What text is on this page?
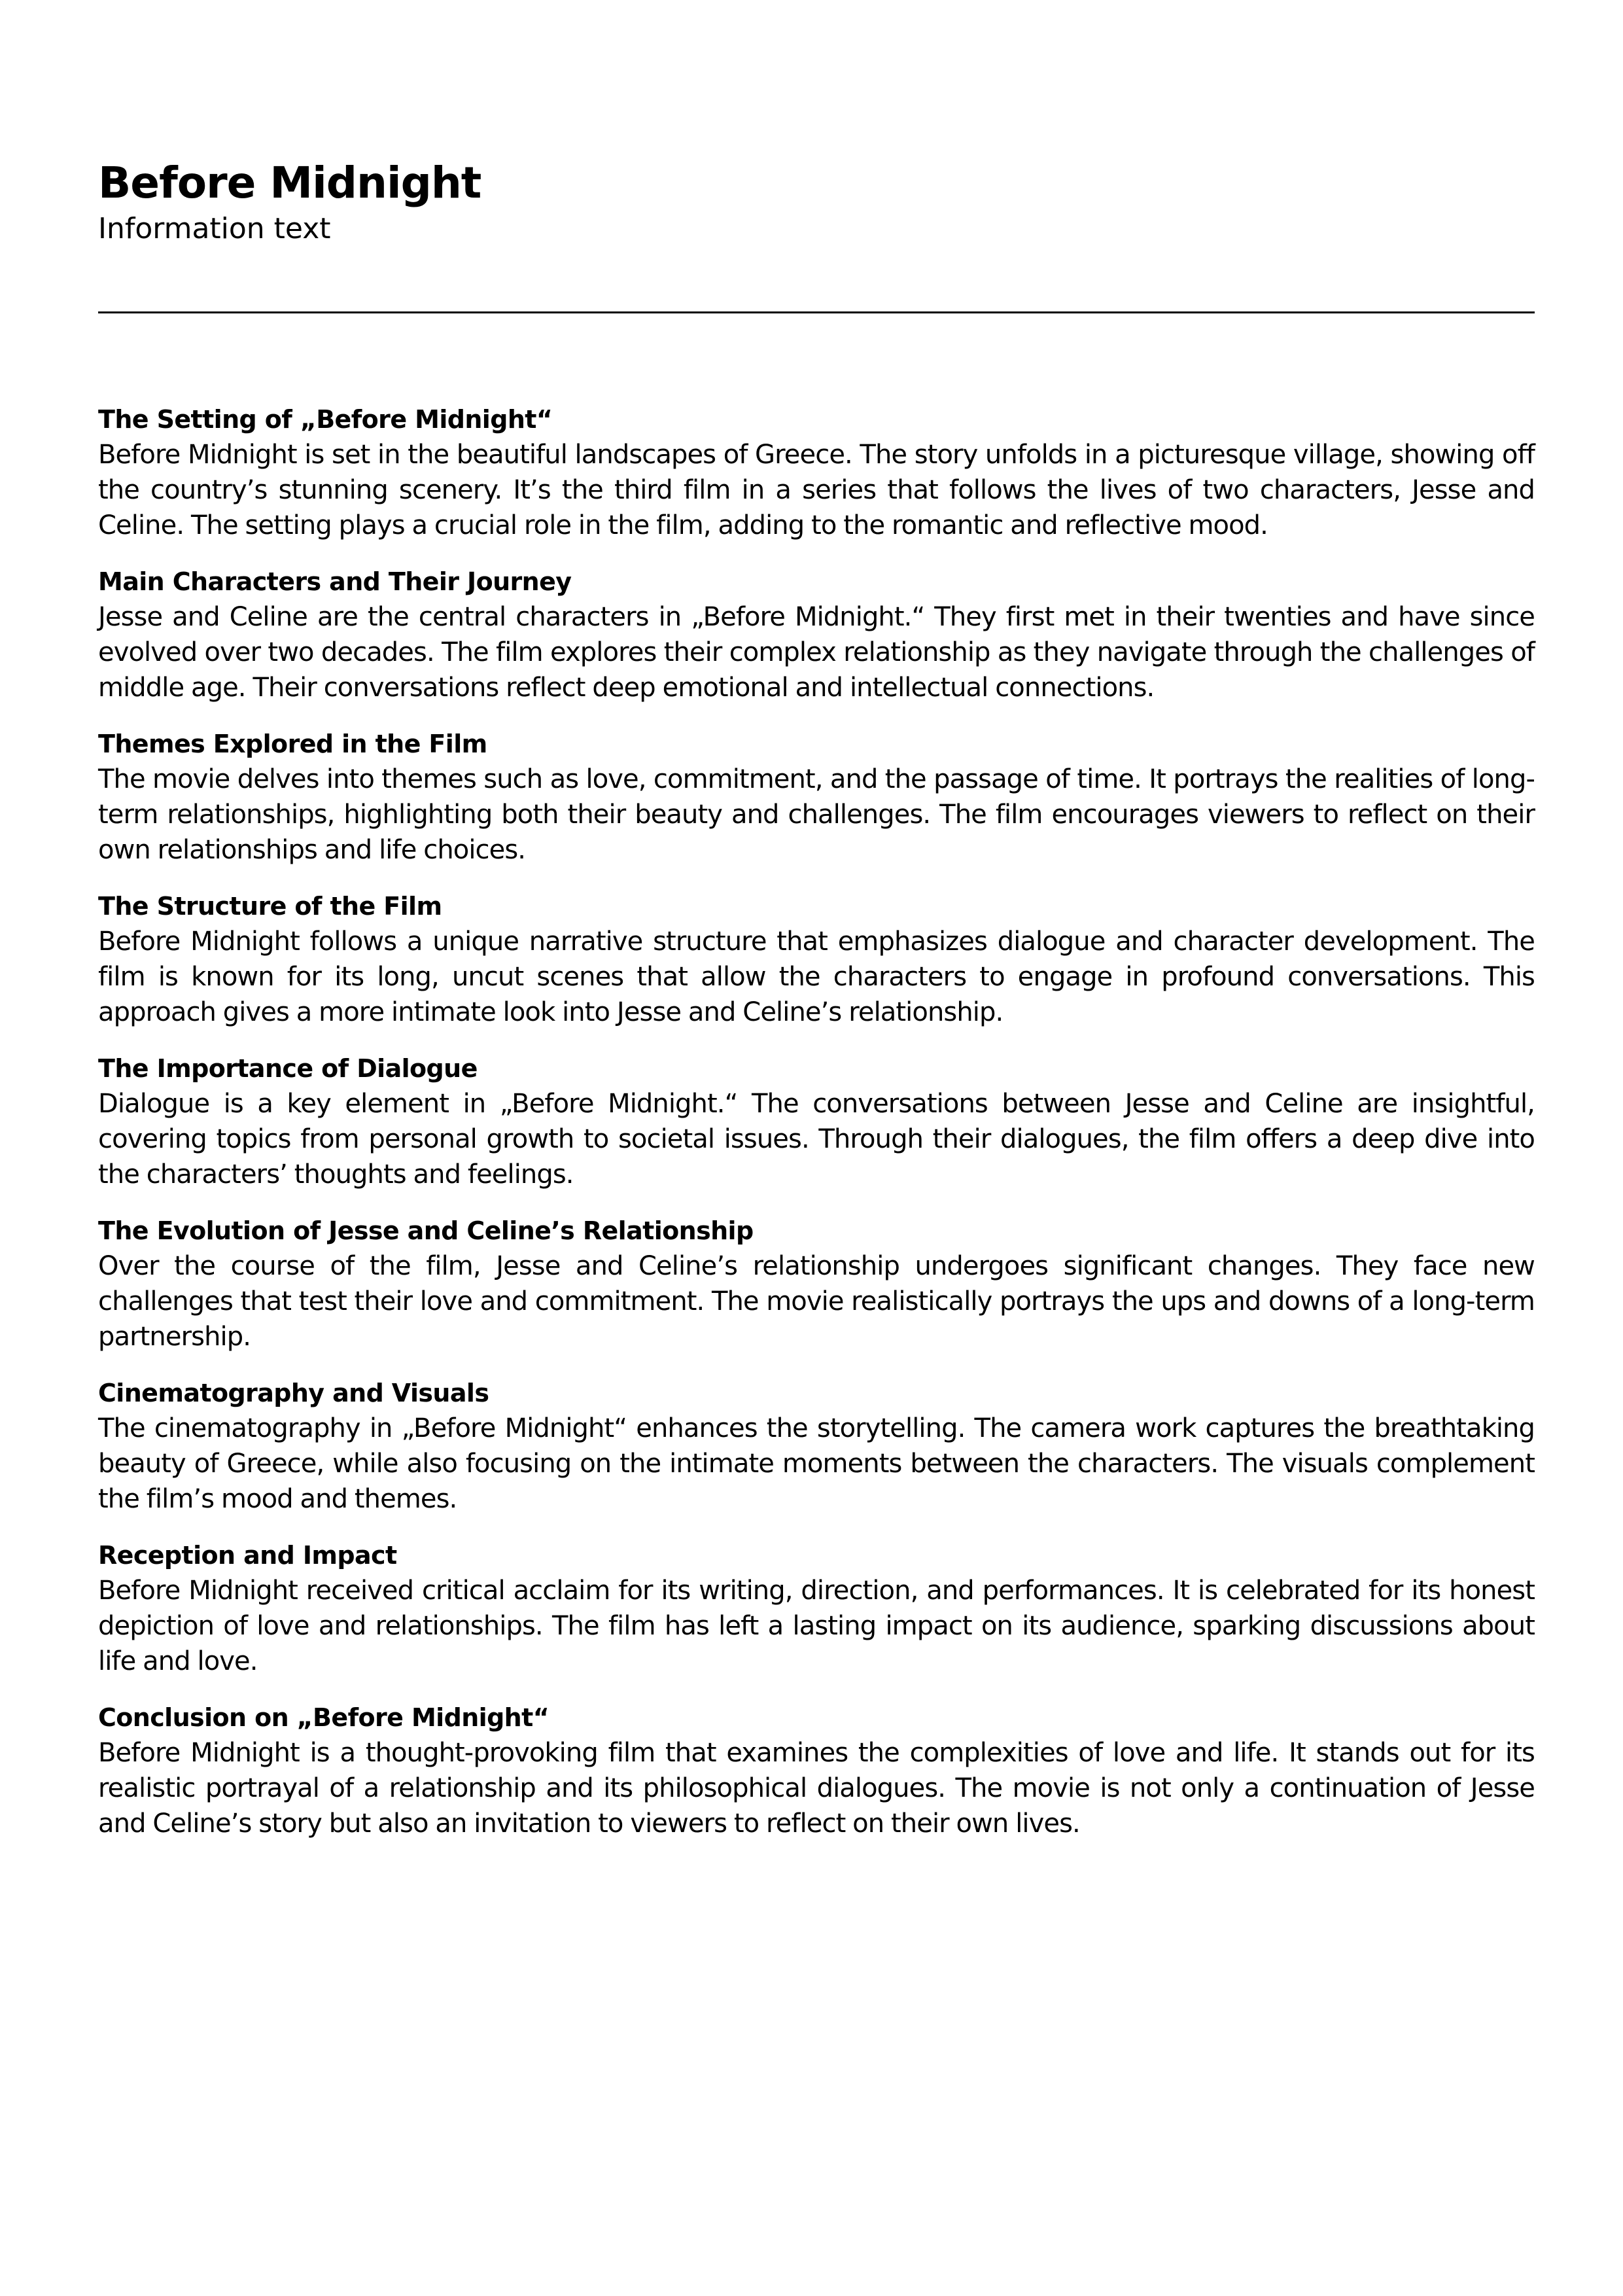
Before Midnight

Information text

The Setting of „Before Midnight“

Before Midnight is set in the beautiful landscapes of Greece. The story unfolds in a picturesque village, showing off the country’s stunning scenery. It’s the third film in a series that follows the lives of two characters, Jesse and Celine. The setting plays a crucial role in the film, adding to the romantic and reflective mood.

Main Characters and Their Journey

Jesse and Celine are the central characters in „Before Midnight.“ They first met in their twenties and have since evolved over two decades. The film explores their complex relationship as they navigate through the challenges of middle age. Their conversations reflect deep emotional and intellectual connections.

Themes Explored in the Film

The movie delves into themes such as love, commitment, and the passage of time. It portrays the realities of long-term relationships, highlighting both their beauty and challenges. The film encourages viewers to reflect on their own relationships and life choices.

The Structure of the Film

Before Midnight follows a unique narrative structure that emphasizes dialogue and character development. The film is known for its long, uncut scenes that allow the characters to engage in profound conversations. This approach gives a more intimate look into Jesse and Celine’s relationship.

The Importance of Dialogue

Dialogue is a key element in „Before Midnight.“ The conversations between Jesse and Celine are insightful, covering topics from personal growth to societal issues. Through their dialogues, the film offers a deep dive into the characters’ thoughts and feelings.

The Evolution of Jesse and Celine’s Relationship

Over the course of the film, Jesse and Celine’s relationship undergoes significant changes. They face new challenges that test their love and commitment. The movie realistically portrays the ups and downs of a long-term partnership.

Cinematography and Visuals

The cinematography in „Before Midnight“ enhances the storytelling. The camera work captures the breathtaking beauty of Greece, while also focusing on the intimate moments between the characters. The visuals complement the film’s mood and themes.

Reception and Impact

Before Midnight received critical acclaim for its writing, direction, and performances. It is celebrated for its honest depiction of love and relationships. The film has left a lasting impact on its audience, sparking discussions about life and love.

Conclusion on „Before Midnight“

Before Midnight is a thought-provoking film that examines the complexities of love and life. It stands out for its realistic portrayal of a relationship and its philosophical dialogues. The movie is not only a continuation of Jesse and Celine’s story but also an invitation to viewers to reflect on their own lives.
